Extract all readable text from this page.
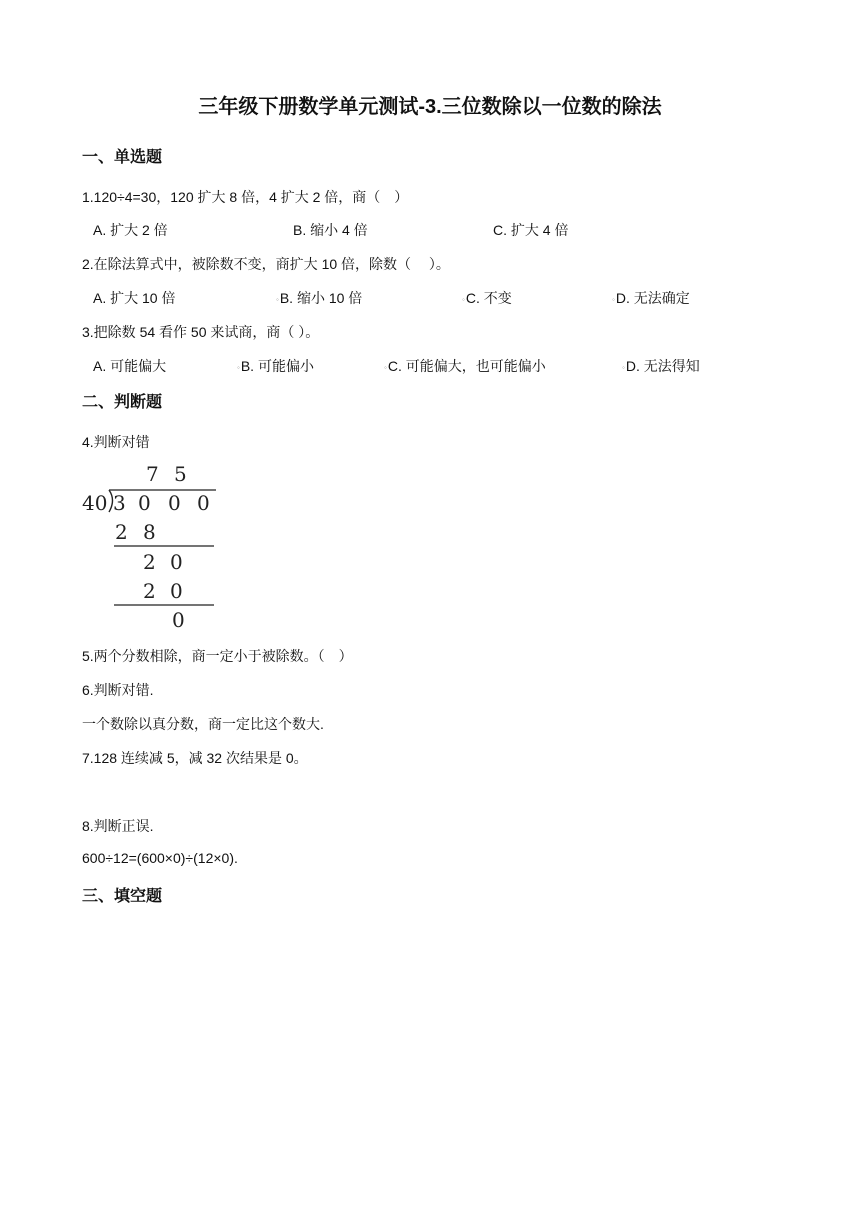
三年级下册数学单元测试-3.三位数除以一位数的除法
一、单选题
1.120÷4=30，120 扩大 8 倍，4 扩大 2 倍，商（　）
A. 扩大 2 倍	B. 缩小 4 倍	C. 扩大 4 倍
2.在除法算式中，被除数不变，商扩大 10 倍，除数（　 ）。
A. 扩大 10 倍	◦B. 缩小 10 倍	◦C. 不变	◦D. 无法确定
3.把除数 54 看作 50 来试商，商（ ）。
A. 可能偏大	◦B. 可能偏小	◦C. 可能偏大，也可能偏小	◦D. 无法得知
二、判断题
4.判断对错
7 5
40 3 0 0 0
2 8
2 0
2 0
0
5.两个分数相除，商一定小于被除数。（　）
6.判断对错.
一个数除以真分数，商一定比这个数大.
7.128 连续减 5，减 32 次结果是 0。
8.判断正误.
600÷12=(600×0)÷(12×0).
三、填空题
